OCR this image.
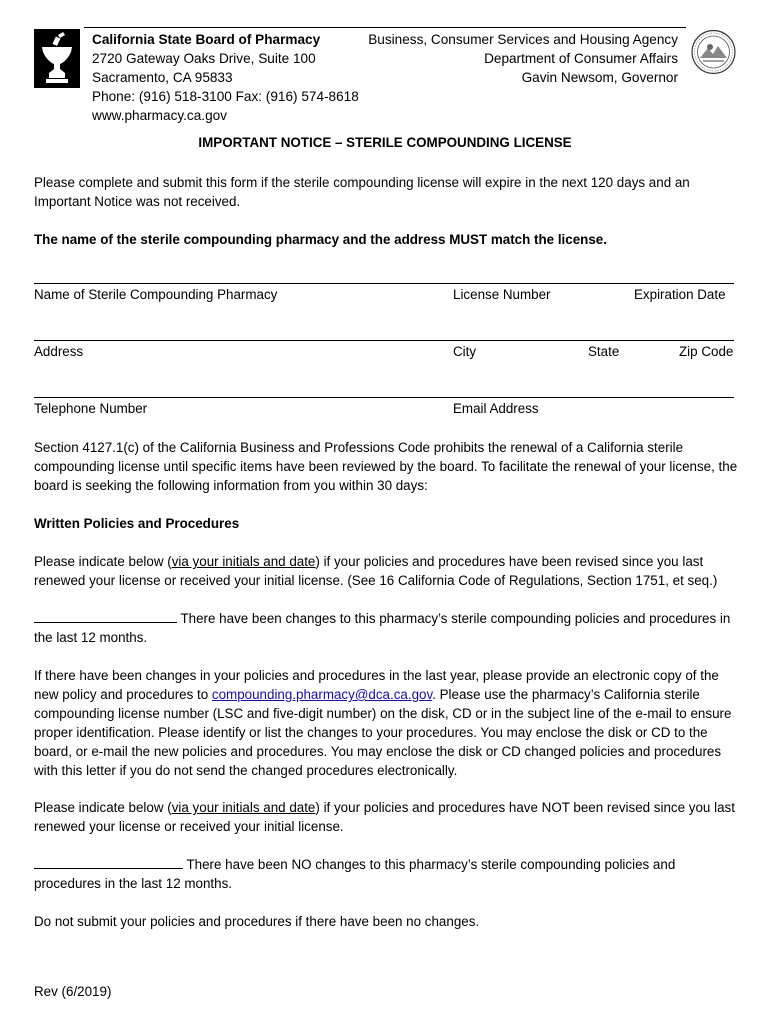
California State Board of Pharmacy
2720 Gateway Oaks Drive, Suite 100
Sacramento, CA 95833
Phone: (916) 518-3100 Fax: (916) 574-8618
www.pharmacy.ca.gov
Business, Consumer Services and Housing Agency
Department of Consumer Affairs
Gavin Newsom, Governor
IMPORTANT NOTICE – STERILE COMPOUNDING LICENSE
Please complete and submit this form if the sterile compounding license will expire in the next 120 days and an Important Notice was not received.
The name of the sterile compounding pharmacy and the address MUST match the license.
Name of Sterile Compounding Pharmacy	License Number	Expiration Date
Address	City	State	Zip Code
Telephone Number	Email Address
Section 4127.1(c) of the California Business and Professions Code prohibits the renewal of a California sterile compounding license until specific items have been reviewed by the board. To facilitate the renewal of your license, the board is seeking the following information from you within 30 days:
Written Policies and Procedures
Please indicate below (via your initials and date) if your policies and procedures have been revised since you last renewed your license or received your initial license. (See 16 California Code of Regulations, Section 1751, et seq.)
There have been changes to this pharmacy’s sterile compounding policies and procedures in the last 12 months.
If there have been changes in your policies and procedures in the last year, please provide an electronic copy of the new policy and procedures to compounding.pharmacy@dca.ca.gov. Please use the pharmacy’s California sterile compounding license number (LSC and five-digit number) on the disk, CD or in the subject line of the e-mail to ensure proper identification. Please identify or list the changes to your procedures. You may enclose the disk or CD to the board, or e-mail the new policies and procedures. You may enclose the disk or CD changed policies and procedures with this letter if you do not send the changed procedures electronically.
Please indicate below (via your initials and date) if your policies and procedures have NOT been revised since you last renewed your license or received your initial license.
There have been NO changes to this pharmacy’s sterile compounding policies and procedures in the last 12 months.
Do not submit your policies and procedures if there have been no changes.
Rev (6/2019)
